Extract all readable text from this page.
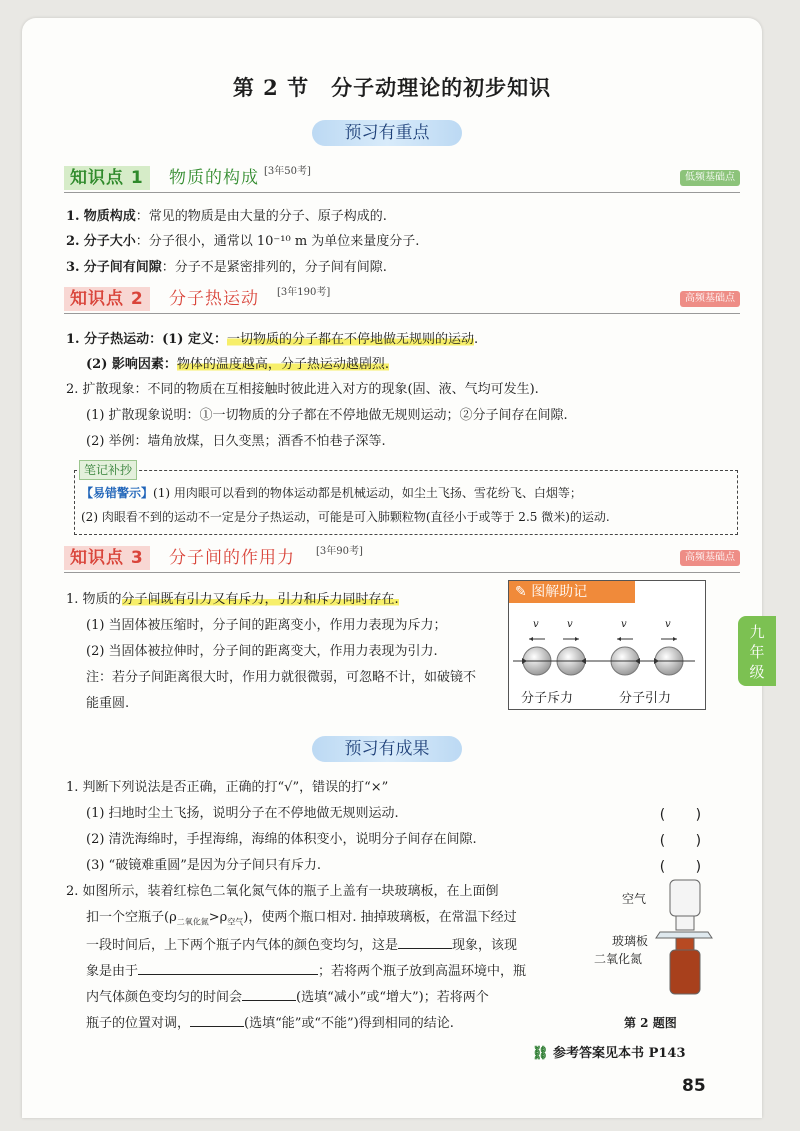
第 2 节　分子动理论的初步知识
预习有重点
知识点 1	物质的构成 [3年50考]
低频基础点
1. 物质构成：常见的物质是由大量的分子、原子构成的.
2. 分子大小：分子很小，通常以 10⁻¹⁰ m 为单位来量度分子.
3. 分子间有间隙：分子不是紧密排列的，分子间有间隙.
知识点 2	分子热运动 [3年190考]
高频基础点
1. 分子热运动：(1) 定义：一切物质的分子都在不停地做无规则的运动.
(2) 影响因素：物体的温度越高，分子热运动越剧烈.
2. 扩散现象：不同的物质在互相接触时彼此进入对方的现象(固、液、气均可发生).
(1) 扩散现象说明：①一切物质的分子都在不停地做无规则运动；②分子间存在间隙.
(2) 举例：墙角放煤，日久变黑；酒香不怕巷子深等.
笔记补抄
【易错警示】(1) 用肉眼可以看到的物体运动都是机械运动，如尘土飞扬、雪花纷飞、白烟等；
(2) 肉眼看不到的运动不一定是分子热运动，可能是可入肺颗粒物(直径小于或等于 2.5 微米)的运动.
知识点 3	分子间的作用力 [3年90考]
高频基础点
1. 物质的分子间既有引力又有斥力，引力和斥力同时存在.
(1) 当固体被压缩时，分子间的距离变小，作用力表现为斥力；
(2) 当固体被拉伸时，分子间的距离变大，作用力表现为引力.
注：若分子间距离很大时，作用力就很微弱，可忽略不计，如破镜不
能重圆.
✎ 图解助记
v	v	v	v
分子斥力	分子引力
九
年
级
预习有成果
1. 判断下列说法是否正确，正确的打“√”，错误的打“×”
(1) 扫地时尘土飞扬，说明分子在不停地做无规则运动.	(　　)
(2) 清洗海绵时，手捏海绵，海绵的体积变小，说明分子间存在间隙.	(　　)
(3) “破镜难重圆”是因为分子间只有斥力.	(　　)
2. 如图所示，装着红棕色二氧化氮气体的瓶子上盖有一块玻璃板，在上面倒
扣一个空瓶子$(\rho_{二氧化氮}>\rho_{空气})$，使两个瓶口相对. 抽掉玻璃板，在常温下经过
一段时间后，上下两个瓶子内气体的颜色变均匀，这是	现象，该现
象是由于	；若将两个瓶子放到高温环境中，瓶
内气体颜色变均匀的时间会	(选填“减小”或“增大”)；若将两个
瓶子的位置对调，	(选填“能”或“不能”)得到相同的结论.
空气
玻璃板
二氧化氮
第 2 题图
⛓ 参考答案见本书 P143
85
